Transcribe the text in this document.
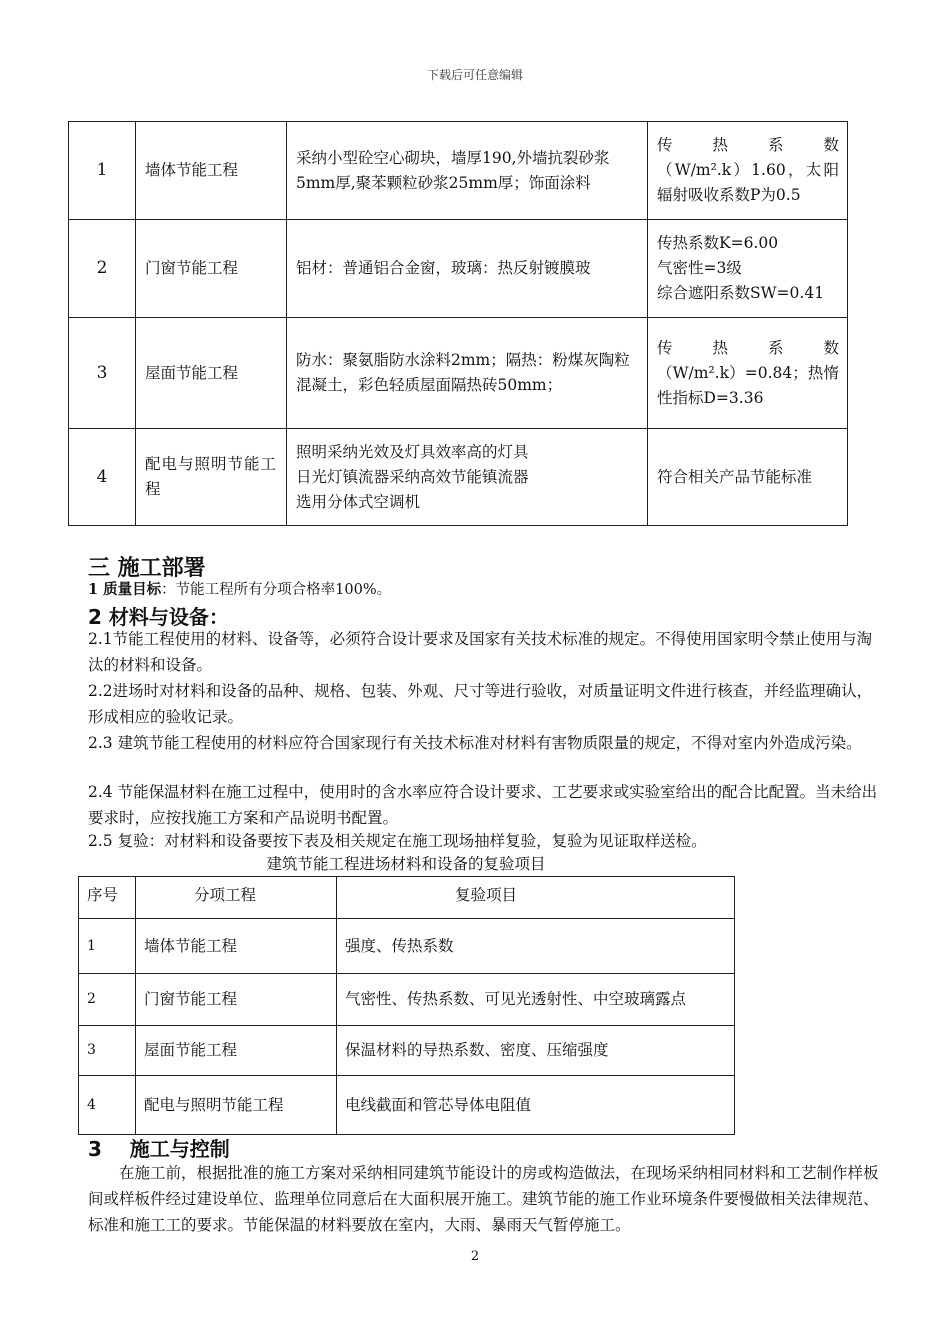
下载后可任意编辑
1	墙体节能工程	采纳小型砼空心砌块，墙厚190,外墙抗裂砂浆5mm厚,聚苯颗粒砂浆25mm厚；饰面涂料	传 热 系 数
（W/m².k）1.60，太阳
辐射吸收系数P为0.5

2	门窗节能工程	铝材：普通铝合金窗，玻璃：热反射镀膜玻	传热系数K=6.00
气密性=3级
综合遮阳系数SW=0.41

3	屋面节能工程	防水：聚氨脂防水涂料2mm；隔热：粉煤灰陶粒混凝土，彩色轻质屋面隔热砖50mm；	传 热 系 数
（W/m².k）=0.84；热惰
性指标D=3.36

4	配电与照明节能工程	照明采纳光效及灯具效率高的灯具
日光灯镇流器采纳高效节能镇流器
选用分体式空调机	符合相关产品节能标准
三 施工部署
1 质量目标：节能工程所有分项合格率100%。
2 材料与设备：
2.1节能工程使用的材料、设备等，必须符合设计要求及国家有关技术标准的规定。不得使用国家明令禁止使用与淘汰的材料和设备。
2.2进场时对材料和设备的品种、规格、包装、外观、尺寸等进行验收，对质量证明文件进行核查，并经监理确认，形成相应的验收记录。
2.3 建筑节能工程使用的材料应符合国家现行有关技术标准对材料有害物质限量的规定，不得对室内外造成污染。
2.4 节能保温材料在施工过程中，使用时的含水率应符合设计要求、工艺要求或实验室给出的配合比配置。当未给出要求时，应按找施工方案和产品说明书配置。
2.5 复验：对材料和设备要按下表及相关规定在施工现场抽样复验，复验为见证取样送检。
建筑节能工程进场材料和设备的复验项目
序号	分项工程	复验项目
1	墙体节能工程	强度、传热系数
2	门窗节能工程	气密性、传热系数、可见光透射性、中空玻璃露点
3	屋面节能工程	保温材料的导热系数、密度、压缩强度
4	配电与照明节能工程	电线截面和管芯导体电阻值
3    施工与控制
在施工前，根据批准的施工方案对采纳相同建筑节能设计的房或构造做法，在现场采纳相同材料和工艺制作样板间或样板件经过建设单位、监理单位同意后在大面积展开施工。建筑节能的施工作业环境条件要慢做相关法律规范、标准和施工工的要求。节能保温的材料要放在室内，大雨、暴雨天气暂停施工。
2
